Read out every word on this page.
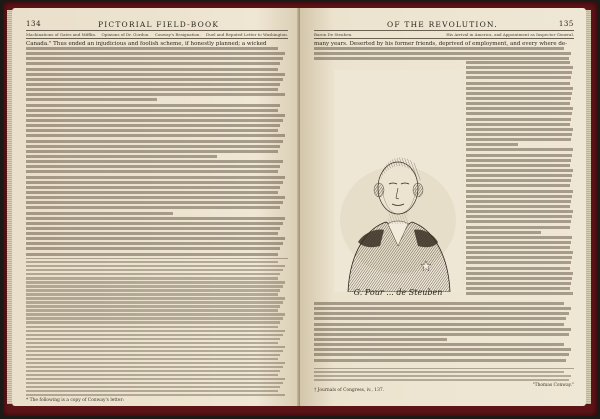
134	PICTORIAL FIELD-BOOK
Machinations of Gates and Mifflin. Opinions of Dr. Gordon. Conway's Resignation. Duel and Reputed Letter to Washington.
Canada." Thus ended an injudicious and foolish scheme, if honestly planned; a wicked
* The following is a copy of Conway's letter:
OF THE REVOLUTION.	135
Baron De Steuben.	His Arrival in America, and Appointment as Inspector General.
many years. Deserted by his former friends, deprived of employment, and every where de-
G. Pour ... de Steuben
"Thomas Conway."
† Journals of Congress, iv., 137.
